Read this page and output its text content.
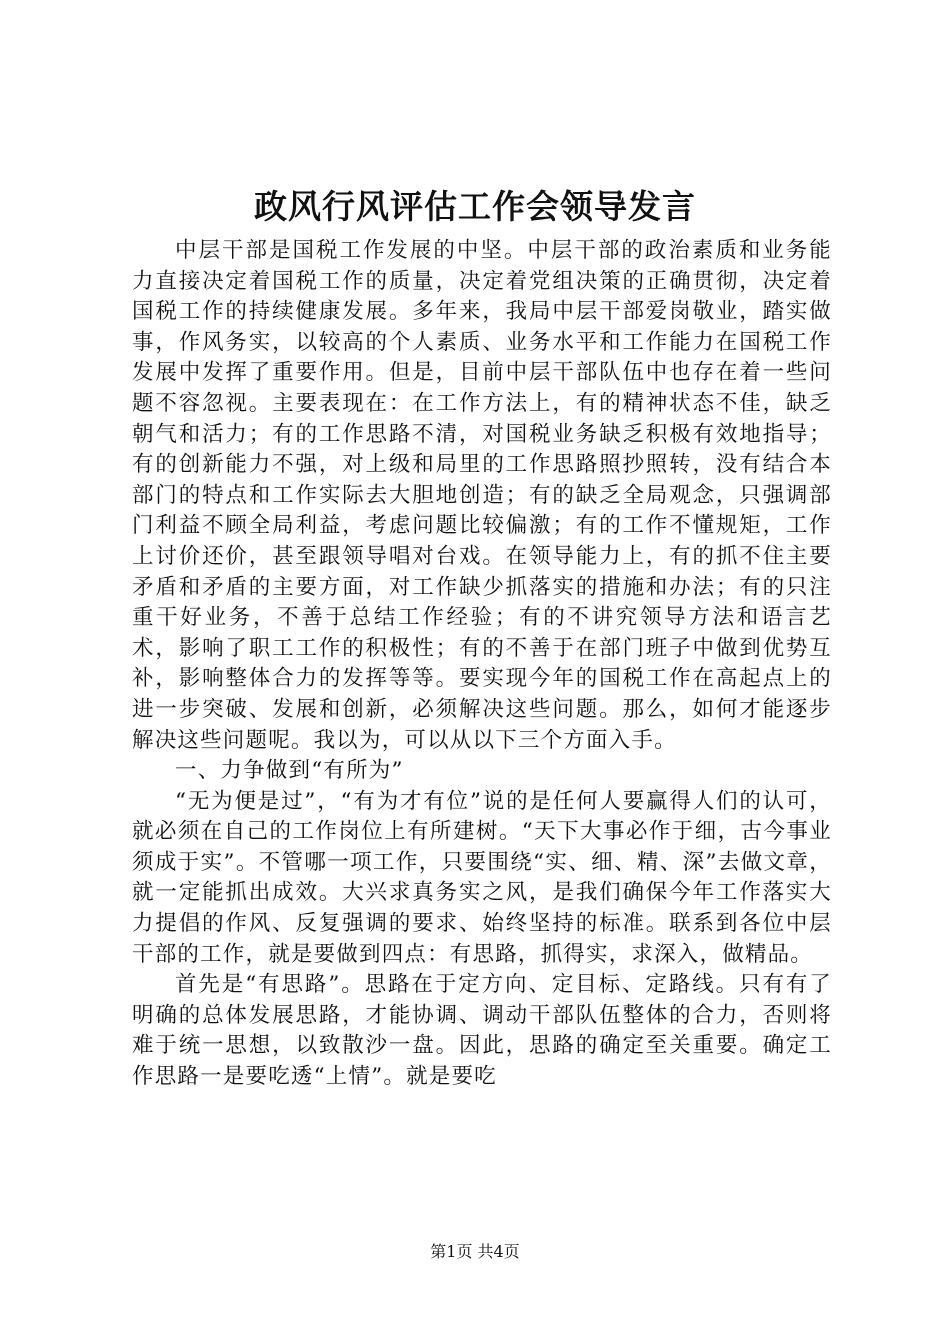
政风行风评估工作会领导发言

中层干部是国税工作发展的中坚。中层干部的政治素质和业务能力直接决定着国税工作的质量，决定着党组决策的正确贯彻，决定着国税工作的持续健康发展。多年来，我局中层干部爱岗敬业，踏实做事，作风务实，以较高的个人素质、业务水平和工作能力在国税工作发展中发挥了重要作用。但是，目前中层干部队伍中也存在着一些问题不容忽视。主要表现在：在工作方法上，有的精神状态不佳，缺乏朝气和活力；有的工作思路不清，对国税业务缺乏积极有效地指导；有的创新能力不强，对上级和局里的工作思路照抄照转，没有结合本部门的特点和工作实际去大胆地创造；有的缺乏全局观念，只强调部门利益不顾全局利益，考虑问题比较偏激；有的工作不懂规矩，工作上讨价还价，甚至跟领导唱对台戏。在领导能力上，有的抓不住主要矛盾和矛盾的主要方面，对工作缺少抓落实的措施和办法；有的只注重干好业务，不善于总结工作经验；有的不讲究领导方法和语言艺术，影响了职工工作的积极性；有的不善于在部门班子中做到优势互补，影响整体合力的发挥等等。要实现今年的国税工作在高起点上的进一步突破、发展和创新，必须解决这些问题。那么，如何才能逐步解决这些问题呢。我以为，可以从以下三个方面入手。

一、力争做到“有所为”

“无为便是过”，“有为才有位”说的是任何人要赢得人们的认可，就必须在自己的工作岗位上有所建树。“天下大事必作于细，古今事业须成于实”。不管哪一项工作，只要围绕“实、细、精、深”去做文章，就一定能抓出成效。大兴求真务实之风，是我们确保今年工作落实大力提倡的作风、反复强调的要求、始终坚持的标准。联系到各位中层干部的工作，就是要做到四点：有思路，抓得实，求深入，做精品。

首先是“有思路”。思路在于定方向、定目标、定路线。只有有了明确的总体发展思路，才能协调、调动干部队伍整体的合力，否则将难于统一思想，以致散沙一盘。因此，思路的确定至关重要。确定工作思路一是要吃透“上情”。就是要吃

第1页 共4页
